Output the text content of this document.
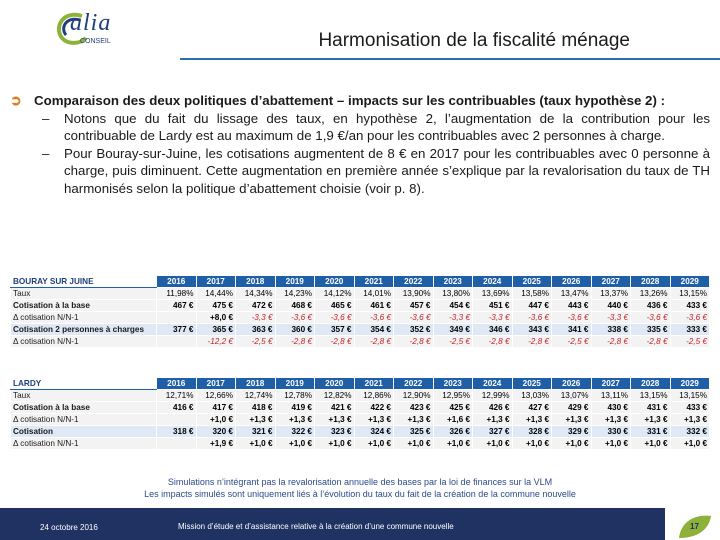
alia
CONSEIL	Harmonisation de la fiscalité ménage
➲ Comparaison des deux politiques d’abattement – impacts sur les contribuables (taux hypothèse 2) :
–	Notons que du fait du lissage des taux, en hypothèse 2, l’augmentation de la contribution pour les contribuable de Lardy est au maximum de 1,9 €/an pour les contribuables avec 2 personnes à charge.
–	Pour Bouray-sur-Juine, les cotisations augmentent de 8 € en 2017 pour les contribuables avec 0 personne à charge, puis diminuent. Cette augmentation en première année s’explique par la revalorisation du taux de TH harmonisés selon la politique d’abattement choisie (voir p. 8).
BOURAY SUR JUINE	2016	2017	2018	2019	2020	2021	2022	2023	2024	2025	2026	2027	2028	2029
Taux	11,98%	14,44%	14,34%	14,23%	14,12%	14,01%	13,90%	13,80%	13,69%	13,58%	13,47%	13,37%	13,26%	13,15%
Cotisation à la base	467 €	475 €	472 €	468 €	465 €	461 €	457 €	454 €	451 €	447 €	443 €	440 €	436 €	433 €
Δ cotisation N/N-1		+8,0 €	-3,3 €	-3,6 €	-3,6 €	-3,6 €	-3,6 €	-3,3 €	-3,3 €	-3,6 €	-3,6 €	-3,3 €	-3,6 €	-3,6 €
Cotisation 2 personnes à charges	377 €	365 €	363 €	360 €	357 €	354 €	352 €	349 €	346 €	343 €	341 €	338 €	335 €	333 €
Δ cotisation N/N-1		-12,2 €	-2,5 €	-2,8 €	-2,8 €	-2,8 €	-2,8 €	-2,5 €	-2,8 €	-2,8 €	-2,5 €	-2,8 €	-2,8 €	-2,5 €
LARDY	2016	2017	2018	2019	2020	2021	2022	2023	2024	2025	2026	2027	2028	2029
Taux	12,71%	12,66%	12,74%	12,78%	12,82%	12,86%	12,90%	12,95%	12,99%	13,03%	13,07%	13,11%	13,15%	13,15%
Cotisation à la base	416 €	417 €	418 €	419 €	421 €	422 €	423 €	425 €	426 €	427 €	429 €	430 €	431 €	433 €
Δ cotisation N/N-1		+1,0 €	+1,3 €	+1,3 €	+1,3 €	+1,3 €	+1,3 €	+1,6 €	+1,3 €	+1,3 €	+1,3 €	+1,3 €	+1,3 €	+1,3 €
Cotisation	318 €	320 €	321 €	322 €	323 €	324 €	325 €	326 €	327 €	328 €	329 €	330 €	331 €	332 €
Δ cotisation N/N-1		+1,9 €	+1,0 €	+1,0 €	+1,0 €	+1,0 €	+1,0 €	+1,0 €	+1,0 €	+1,0 €	+1,0 €	+1,0 €	+1,0 €	+1,0 €
Simulations n’intégrant pas la revalorisation annuelle des bases par la loi de finances sur la VLM
Les impacts simulés sont uniquement liés à l’évolution du taux du fait de la création de la commune nouvelle
24 octobre 2016	Mission d’étude et d’assistance relative à la création d’une commune nouvelle	17
